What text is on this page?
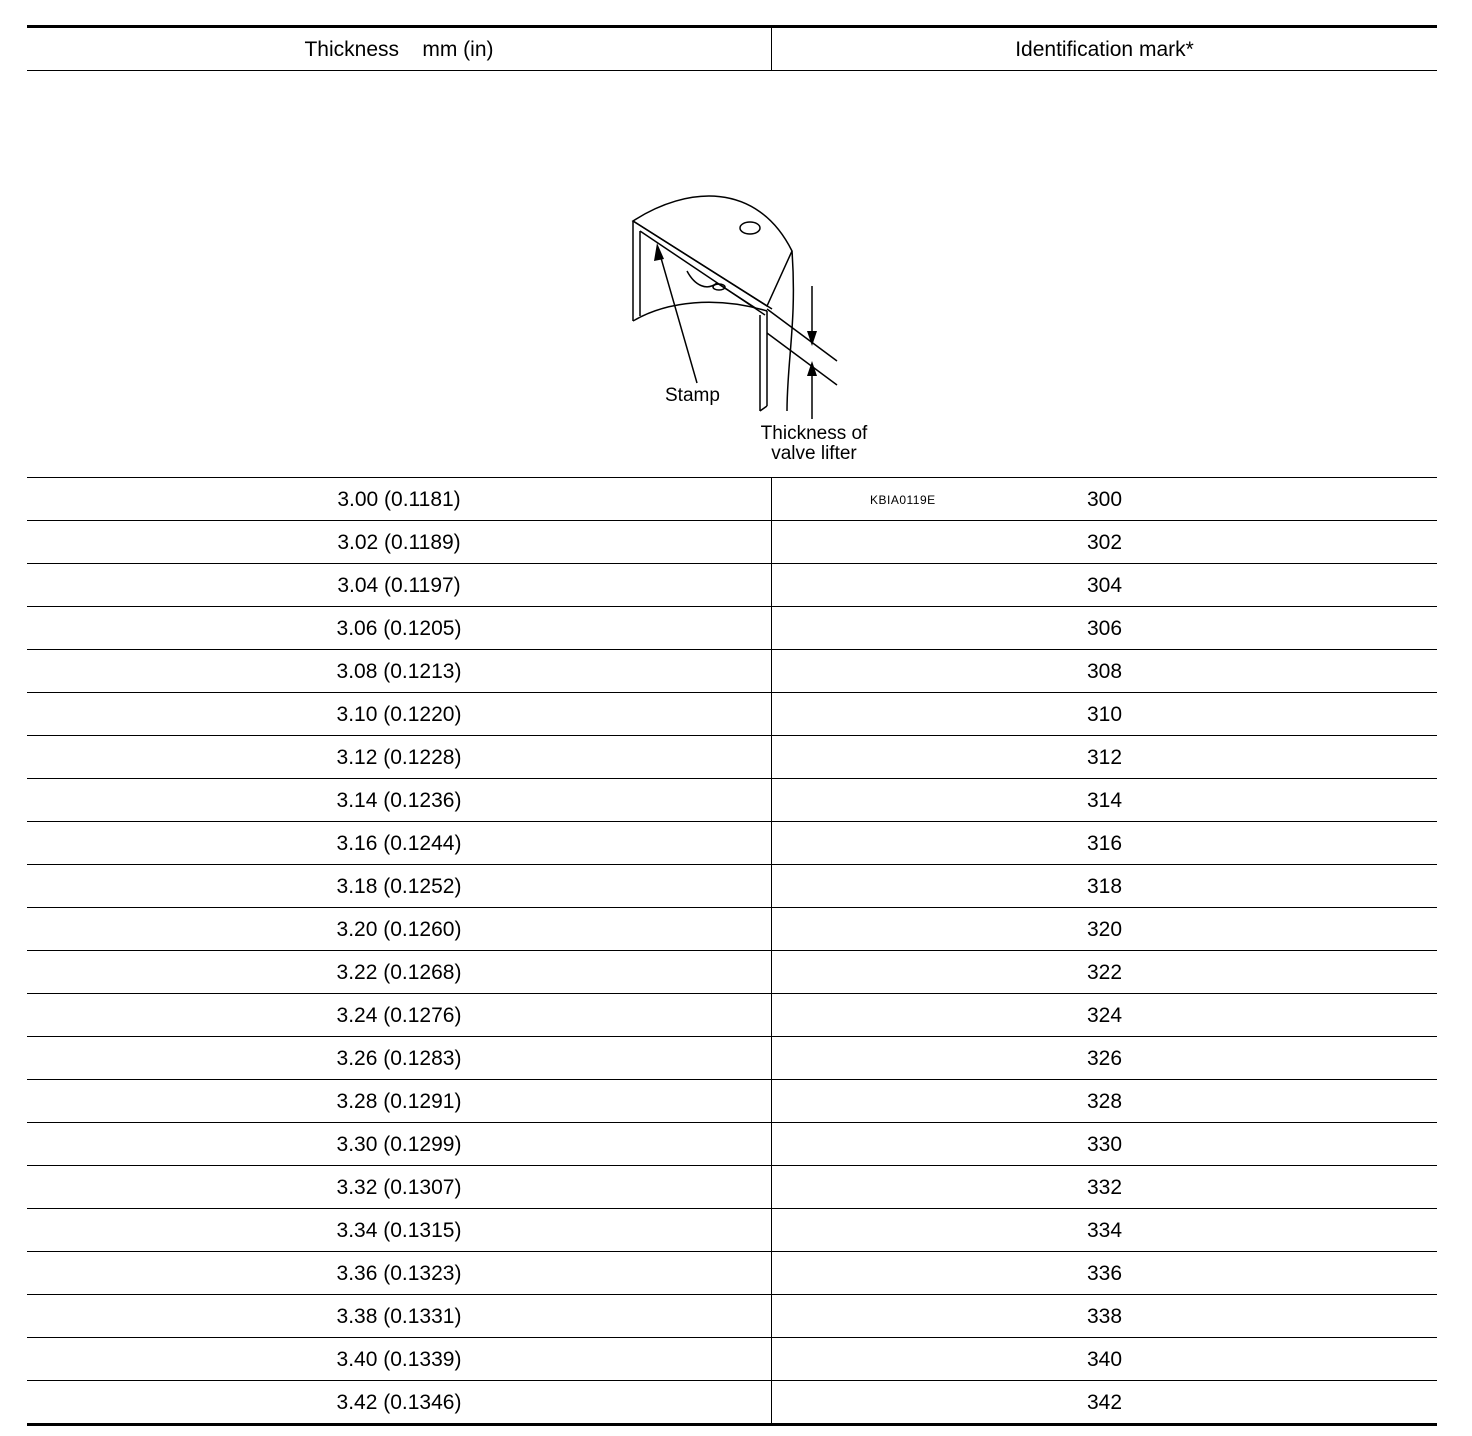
Thickness    mm (in)	Identification mark*
Stamp
Thickness of
valve lifter
KBIA0119E
3.00 (0.1181)	300
3.02 (0.1189)	302
3.04 (0.1197)	304
3.06 (0.1205)	306
3.08 (0.1213)	308
3.10 (0.1220)	310
3.12 (0.1228)	312
3.14 (0.1236)	314
3.16 (0.1244)	316
3.18 (0.1252)	318
3.20 (0.1260)	320
3.22 (0.1268)	322
3.24 (0.1276)	324
3.26 (0.1283)	326
3.28 (0.1291)	328
3.30 (0.1299)	330
3.32 (0.1307)	332
3.34 (0.1315)	334
3.36 (0.1323)	336
3.38 (0.1331)	338
3.40 (0.1339)	340
3.42 (0.1346)	342
